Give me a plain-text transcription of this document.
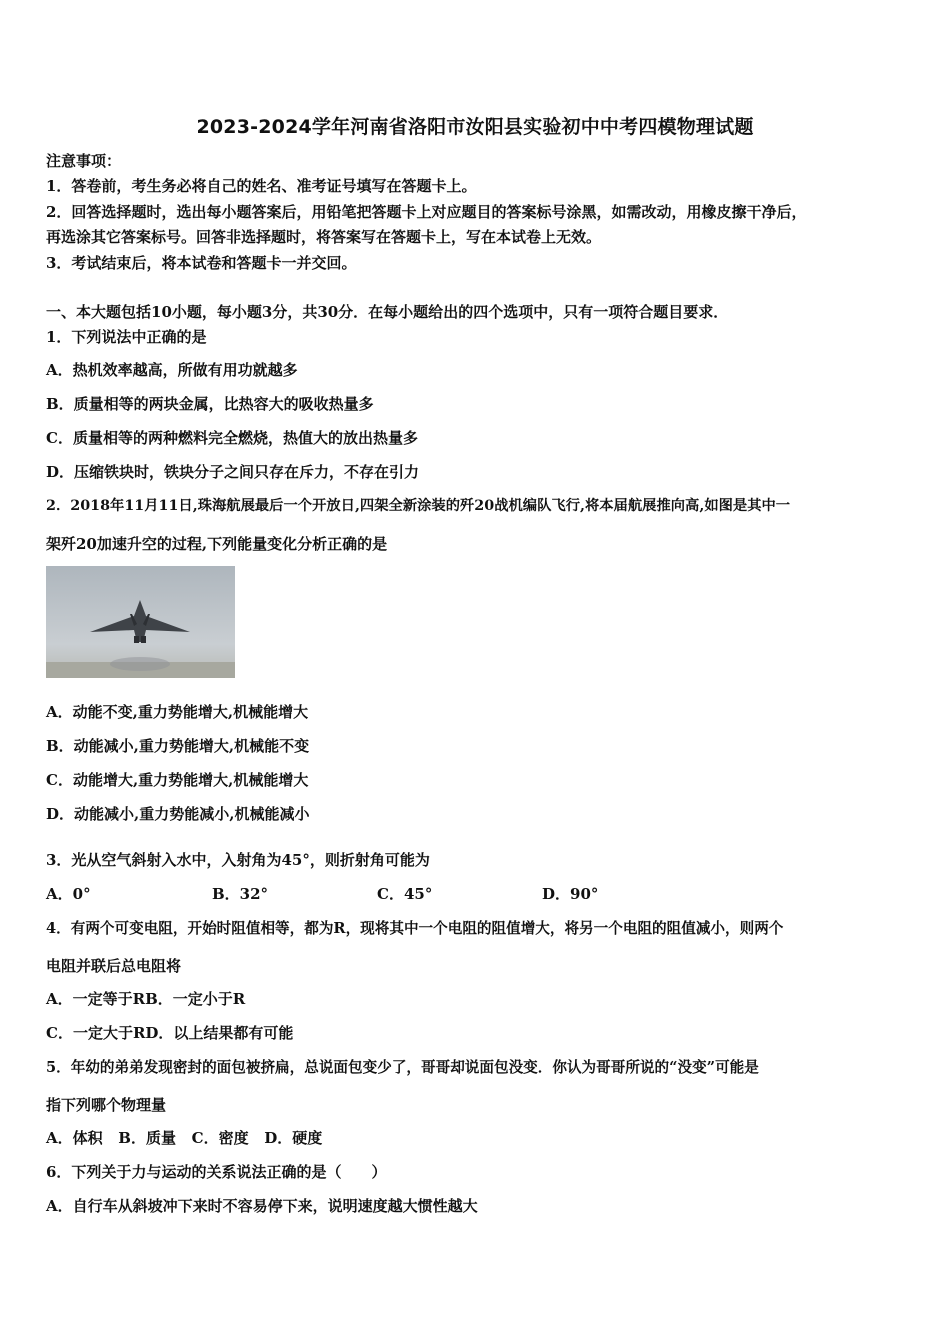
2023-2024学年河南省洛阳市汝阳县实验初中中考四模物理试题
注意事项：
1．答卷前，考生务必将自己的姓名、准考证号填写在答题卡上。
2．回答选择题时，选出每小题答案后，用铅笔把答题卡上对应题目的答案标号涂黑，如需改动，用橡皮擦干净后，
再选涂其它答案标号。回答非选择题时，将答案写在答题卡上，写在本试卷上无效。
3．考试结束后，将本试卷和答题卡一并交回。
一、本大题包括10小题，每小题3分，共30分．在每小题给出的四个选项中，只有一项符合题目要求．
1．下列说法中正确的是
A．热机效率越高，所做有用功就越多
B．质量相等的两块金属，比热容大的吸收热量多
C．质量相等的两种燃料完全燃烧，热值大的放出热量多
D．压缩铁块时，铁块分子之间只存在斥力，不存在引力
2．2018年11月11日,珠海航展最后一个开放日,四架全新涂装的歼20战机编队飞行,将本届航展推向高,如图是其中一
架歼20加速升空的过程,下列能量变化分析正确的是
A．动能不变,重力势能增大,机械能增大
B．动能减小,重力势能增大,机械能不变
C．动能增大,重力势能增大,机械能增大
D．动能减小,重力势能减小,机械能减小
3．光从空气斜射入水中，入射角为45°，则折射角可能为
A．0°	B．32°	C．45°	D．90°
4．有两个可变电阻，开始时阻值相等，都为R，现将其中一个电阻的阻值增大，将另一个电阻的阻值减小，则两个
电阻并联后总电阻将
A．一定等于RB．一定小于R
C．一定大于RD．以上结果都有可能
5．年幼的弟弟发现密封的面包被挤扁，总说面包变少了，哥哥却说面包没变．你认为哥哥所说的“没变”可能是
指下列哪个物理量
A．体积   B．质量   C．密度   D．硬度
6．下列关于力与运动的关系说法正确的是（　　）
A．自行车从斜坡冲下来时不容易停下来，说明速度越大惯性越大
